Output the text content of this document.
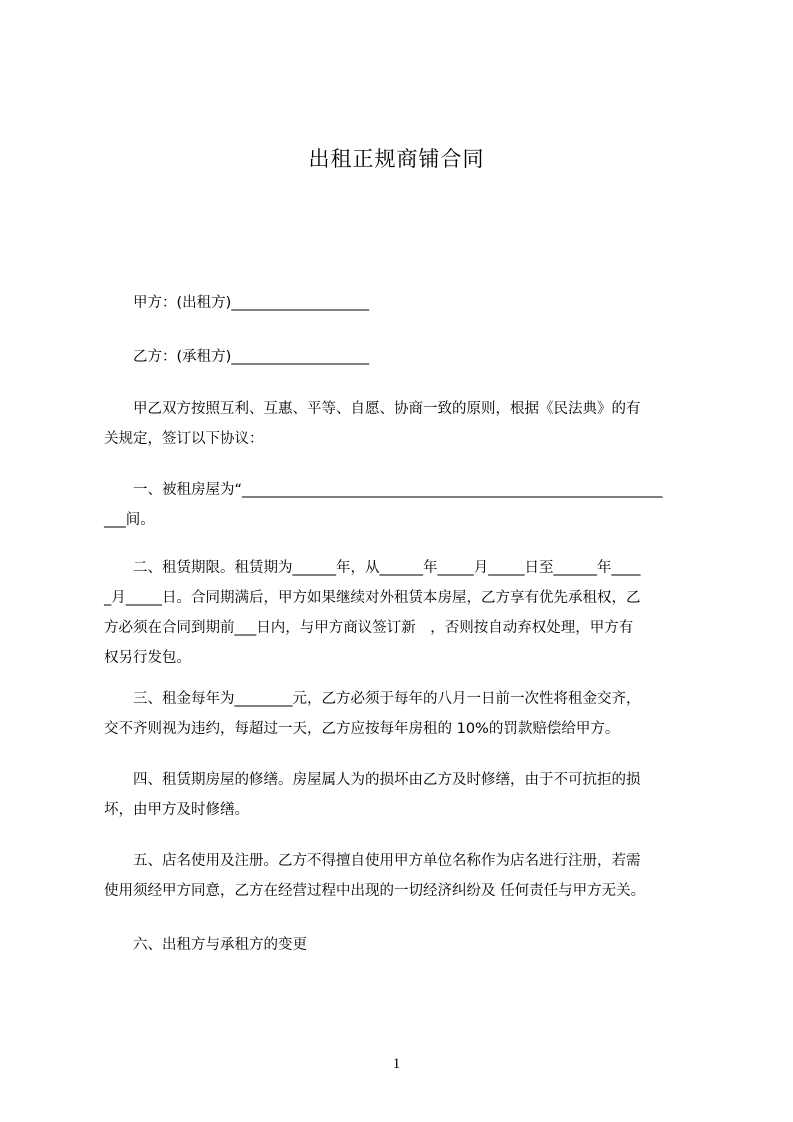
出租正规商铺合同
　　甲方：(出租方)___________________
　　乙方：(承租方)___________________
　　甲乙双方按照互利、互惠、平等、自愿、协商一致的原则，根据《民法典》的有
关规定，签订以下协议：
　　一、被租房屋为“__________________________________________________________
___间。
　　二、租赁期限。租赁期为______年，从______年_____月_____日至______年____
_月_____日。合同期满后，甲方如果继续对外租赁本房屋，乙方享有优先承租权，乙
方必须在合同到期前___日内，与甲方商议签订新　，否则按自动弃权处理，甲方有
权另行发包。
　　三、租金每年为________元，乙方必须于每年的八月一日前一次性将租金交齐，
交不齐则视为违约，每超过一天，乙方应按每年房租的 10%的罚款赔偿给甲方。
　　四、租赁期房屋的修缮。房屋属人为的损坏由乙方及时修缮，由于不可抗拒的损
坏，由甲方及时修缮。
　　五、店名使用及注册。乙方不得擅自使用甲方单位名称作为店名进行注册，若需
使用须经甲方同意，乙方在经营过程中出现的一切经济纠纷及 任何责任与甲方无关。
　　六、出租方与承租方的变更
1
